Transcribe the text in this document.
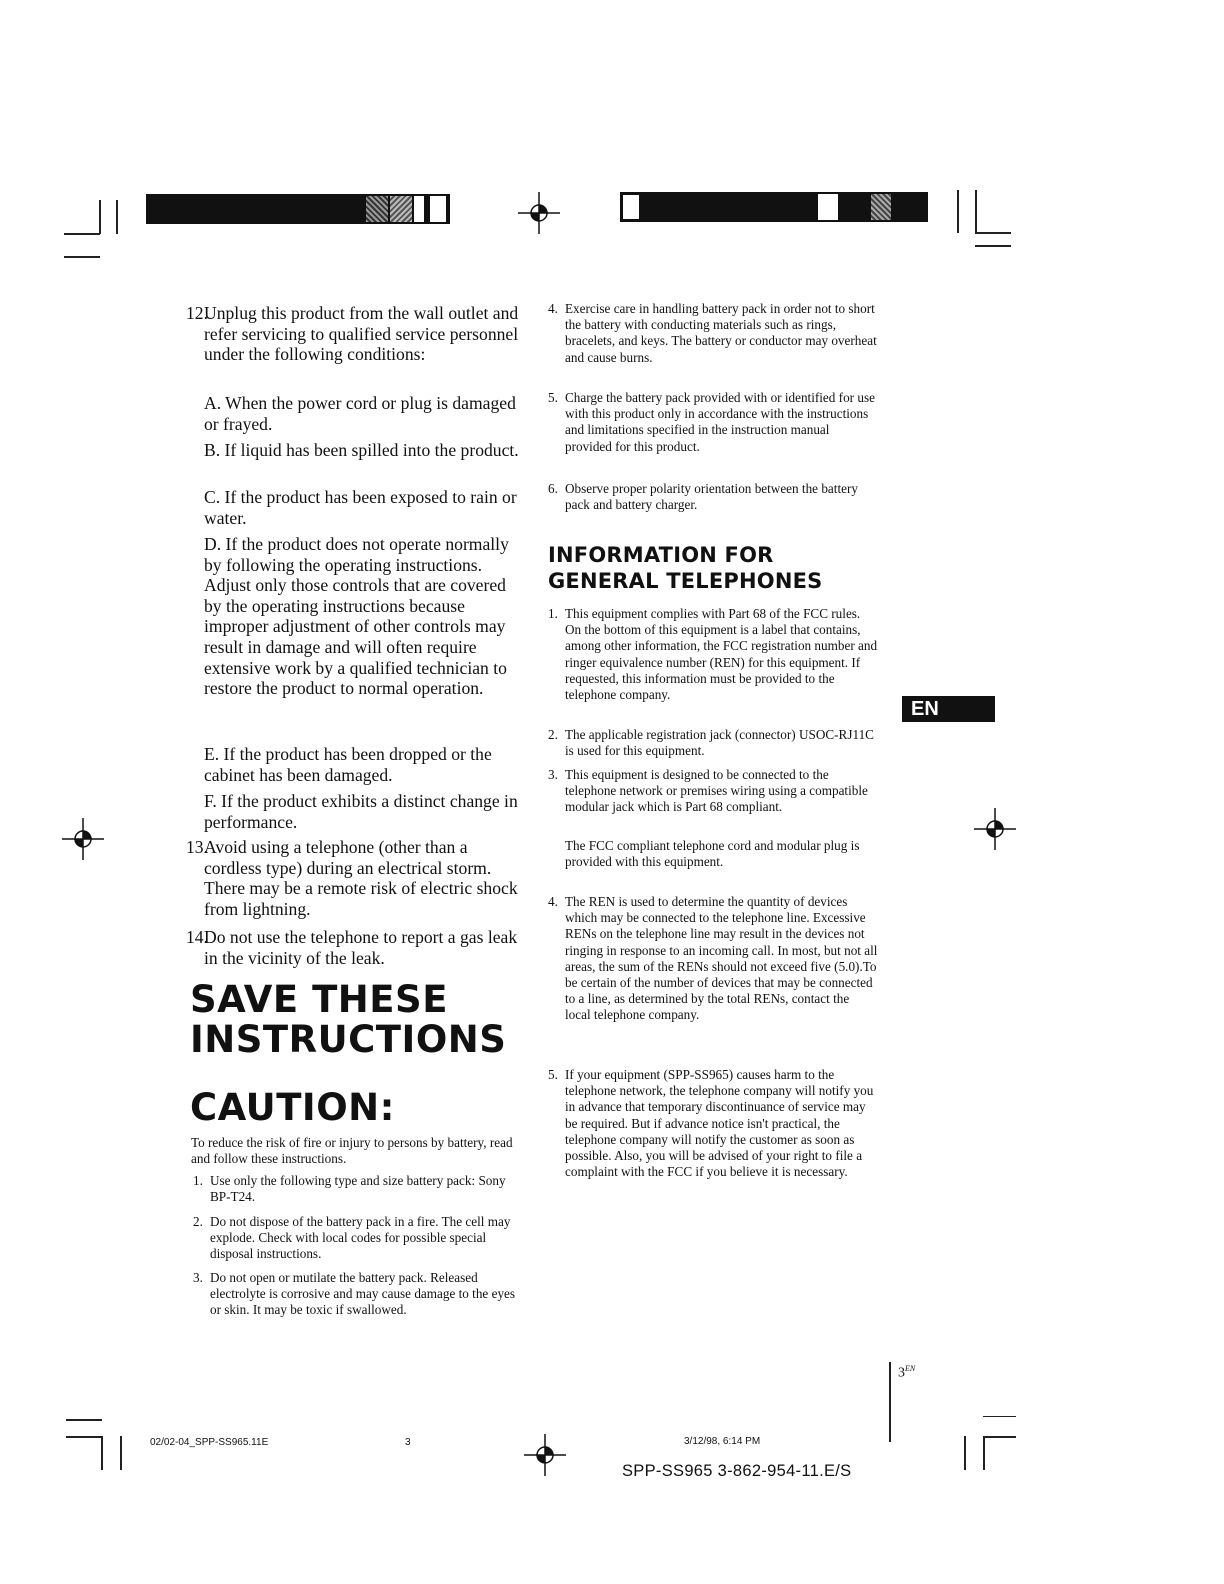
12.
Unplug this product from the wall outlet and refer servicing to qualified service personnel under the following conditions:
A. When the power cord or plug is damaged or frayed.
B. If liquid has been spilled into the product.
C. If the product has been exposed to rain or water.
D. If the product does not operate normally by following the operating instructions. Adjust only those controls that are covered by the operating instructions because improper adjustment of other controls may result in damage and will often require extensive work by a qualified technician to restore the product to normal operation.
E. If the product has been dropped or the cabinet has been damaged.
F. If the product exhibits a distinct change in performance.
13.
Avoid using a telephone (other than a cordless type) during an electrical storm. There may be a remote risk of electric shock from lightning.
14.
Do not use the telephone to report a gas leak in the vicinity of the leak.
SAVE THESE INSTRUCTIONS
CAUTION:
To reduce the risk of fire or injury to persons by battery, read and follow these instructions.
1. Use only the following type and size battery pack: Sony BP-T24.
2. Do not dispose of the battery pack in a fire. The cell may explode. Check with local codes for possible special disposal instructions.
3. Do not open or mutilate the battery pack. Released electrolyte is corrosive and may cause damage to the eyes or skin. It may be toxic if swallowed.
4. Exercise care in handling battery pack in order not to short the battery with conducting materials such as rings, bracelets, and keys. The battery or conductor may overheat and cause burns.
5. Charge the battery pack provided with or identified for use with this product only in accordance with the instructions and limitations specified in the instruction manual provided for this product.
6. Observe proper polarity orientation between the battery pack and battery charger.
INFORMATION FOR GENERAL TELEPHONES
1. This equipment complies with Part 68 of the FCC rules. On the bottom of this equipment is a label that contains, among other information, the FCC registration number and ringer equivalence number (REN) for this equipment. If requested, this information must be provided to the telephone company.
2. The applicable registration jack (connector) USOC-RJ11C is used for this equipment.
3. This equipment is designed to be connected to the telephone network or premises wiring using a compatible modular jack which is Part 68 compliant.
The FCC compliant telephone cord and modular plug is provided with this equipment.
4. The REN is used to determine the quantity of devices which may be connected to the telephone line. Excessive RENs on the telephone line may result in the devices not ringing in response to an incoming call. In most, but not all areas, the sum of the RENs should not exceed five (5.0).To be certain of the number of devices that may be connected to a line, as determined by the total RENs, contact the local telephone company.
5. If your equipment (SPP-SS965) causes harm to the telephone network, the telephone company will notify you in advance that temporary discontinuance of service may be required. But if advance notice isn't practical, the telephone company will notify the customer as soon as possible. Also, you will be advised of your right to file a complaint with the FCC if you believe it is necessary.
EN
$3^{EN}$
02/02-04_SPP-SS965.11E	3	3/12/98, 6:14 PM
SPP-SS965 3-862-954-11.E/S
